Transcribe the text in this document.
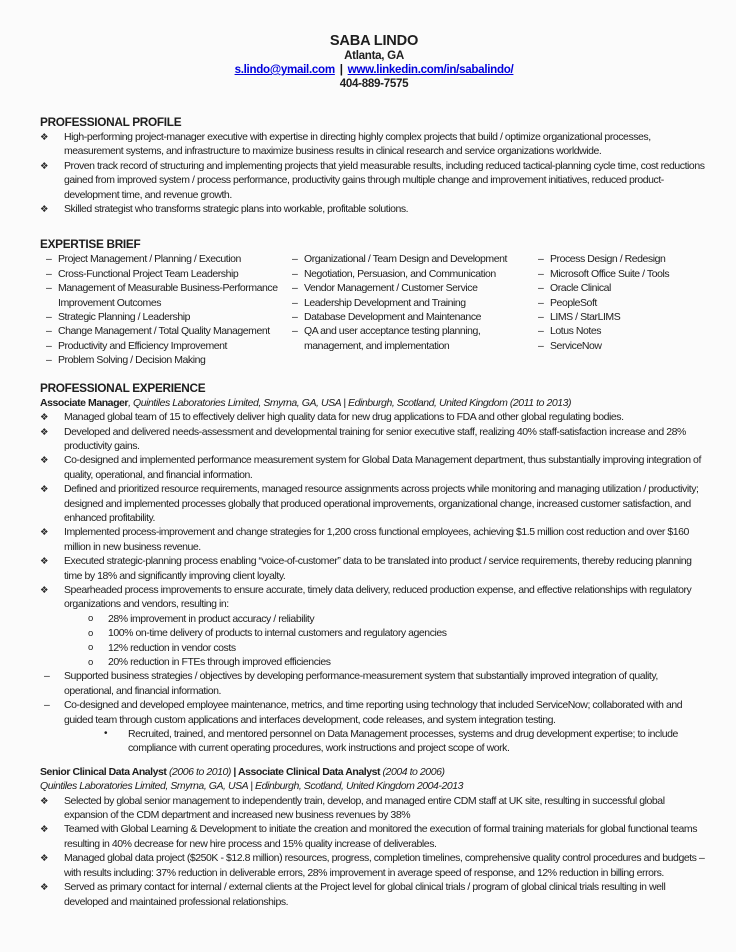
SABA LINDO
Atlanta, GA
s.lindo@ymail.com | www.linkedin.com/in/sabalindo/
404-889-7575
PROFESSIONAL PROFILE
❖ High-performing project-manager executive with expertise in directing highly complex projects that build / optimize organizational processes, measurement systems, and infrastructure to maximize business results in clinical research and service organizations worldwide.
❖ Proven track record of structuring and implementing projects that yield measurable results, including reduced tactical-planning cycle time, cost reductions gained from improved system / process performance, productivity gains through multiple change and improvement initiatives, reduced product-development time, and revenue growth.
❖ Skilled strategist who transforms strategic plans into workable, profitable solutions.
EXPERTISE BRIEF
– Project Management / Planning / Execution
– Cross-Functional Project Team Leadership
– Management of Measurable Business-Performance Improvement Outcomes
– Strategic Planning / Leadership
– Change Management / Total Quality Management
– Productivity and Efficiency Improvement
– Problem Solving / Decision Making
– Organizational / Team Design and Development
– Negotiation, Persuasion, and Communication
– Vendor Management / Customer Service
– Leadership Development and Training
– Database Development and Maintenance
– QA and user acceptance testing planning, management, and implementation
– Process Design / Redesign
– Microsoft Office Suite / Tools
– Oracle Clinical
– PeopleSoft
– LIMS / StarLIMS
– Lotus Notes
– ServiceNow
PROFESSIONAL EXPERIENCE

Associate Manager, Quintiles Laboratories Limited, Smyrna, GA, USA | Edinburgh, Scotland, United Kingdom (2011 to 2013)

❖ Managed global team of 15 to effectively deliver high quality data for new drug applications to FDA and other global regulating bodies.
❖ Developed and delivered needs-assessment and developmental training for senior executive staff, realizing 40% staff-satisfaction increase and 28% productivity gains.
❖ Co-designed and implemented performance measurement system for Global Data Management department, thus substantially improving integration of quality, operational, and financial information.
❖ Defined and prioritized resource requirements, managed resource assignments across projects while monitoring and managing utilization / productivity; designed and implemented processes globally that produced operational improvements, organizational change, increased customer satisfaction, and enhanced profitability.
❖ Implemented process-improvement and change strategies for 1,200 cross functional employees, achieving $1.5 million cost reduction and over $160 million in new business revenue.
❖ Executed strategic-planning process enabling “voice-of-customer” data to be translated into product / service requirements, thereby reducing planning time by 18% and significantly improving client loyalty.
❖ Spearheaded process improvements to ensure accurate, timely data delivery, reduced production expense, and effective relationships with regulatory organizations and vendors, resulting in:
o 28% improvement in product accuracy / reliability
o 100% on-time delivery of products to internal customers and regulatory agencies
o 12% reduction in vendor costs
o 20% reduction in FTEs through improved efficiencies
– Supported business strategies / objectives by developing performance-measurement system that substantially improved integration of quality, operational, and financial information.
– Co-designed and developed employee maintenance, metrics, and time reporting using technology that included ServiceNow; collaborated with and guided team through custom applications and interfaces development, code releases, and system integration testing.
• Recruited, trained, and mentored personnel on Data Management processes, systems and drug development expertise; to include compliance with current operating procedures, work instructions and project scope of work.

Senior Clinical Data Analyst (2006 to 2010) | Associate Clinical Data Analyst (2004 to 2006)

Quintiles Laboratories Limited, Smyrna, GA, USA | Edinburgh, Scotland, United Kingdom 2004-2013

❖ Selected by global senior management to independently train, develop, and managed entire CDM staff at UK site, resulting in successful global expansion of the CDM department and increased new business revenues by 38%
❖ Teamed with Global Learning & Development to initiate the creation and monitored the execution of formal training materials for global functional teams resulting in 40% decrease for new hire process and 15% quality increase of deliverables.
❖ Managed global data project ($250K - $12.8 million) resources, progress, completion timelines, comprehensive quality control procedures and budgets – with results including: 37% reduction in deliverable errors, 28% improvement in average speed of response, and 12% reduction in billing errors.
❖ Served as primary contact for internal / external clients at the Project level for global clinical trials / program of global clinical trials resulting in well developed and maintained professional relationships.
